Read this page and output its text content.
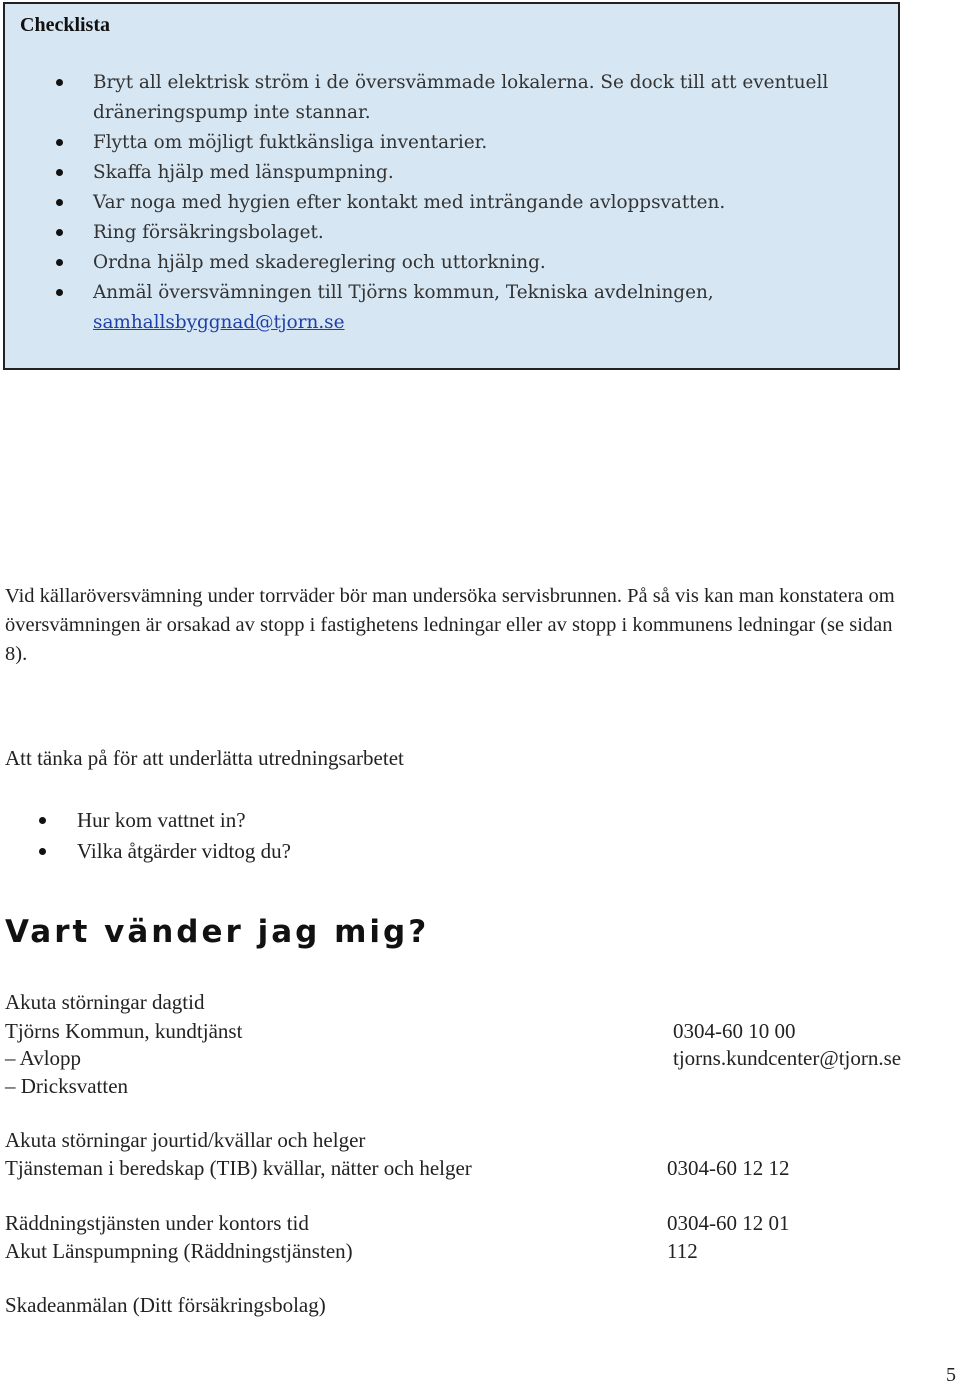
Checklista
Bryt all elektrisk ström i de översvämmade lokalerna. Se dock till att eventuell dräneringspump inte stannar.
Flytta om möjligt fuktkänsliga inventarier.
Skaffa hjälp med länspumpning.
Var noga med hygien efter kontakt med inträngande avloppsvatten.
Ring försäkringsbolaget.
Ordna hjälp med skadereglering och uttorkning.
Anmäl översvämningen till Tjörns kommun, Tekniska avdelningen,
samhallsbyggnad@tjorn.se
Vid källaröversvämning under torrväder bör man undersöka servisbrunnen. På så vis kan man konstatera om översvämningen är orsakad av stopp i fastighetens ledningar eller av stopp i kommunens ledningar (se sidan 8).
Att tänka på för att underlätta utredningsarbetet
Hur kom vattnet in?
Vilka åtgärder vidtog du?
Vart vänder jag mig?
Akuta störningar dagtid
Tjörns Kommun, kundtjänst	0304-60 10 00
– Avlopp	tjorns.kundcenter@tjorn.se
– Dricksvatten
Akuta störningar jourtid/kvällar och helger
Tjänsteman i beredskap (TIB) kvällar, nätter och helger	0304-60 12 12
Räddningstjänsten under kontors tid	0304-60 12 01
Akut Länspumpning (Räddningstjänsten)	112
Skadeanmälan (Ditt försäkringsbolag)
5
